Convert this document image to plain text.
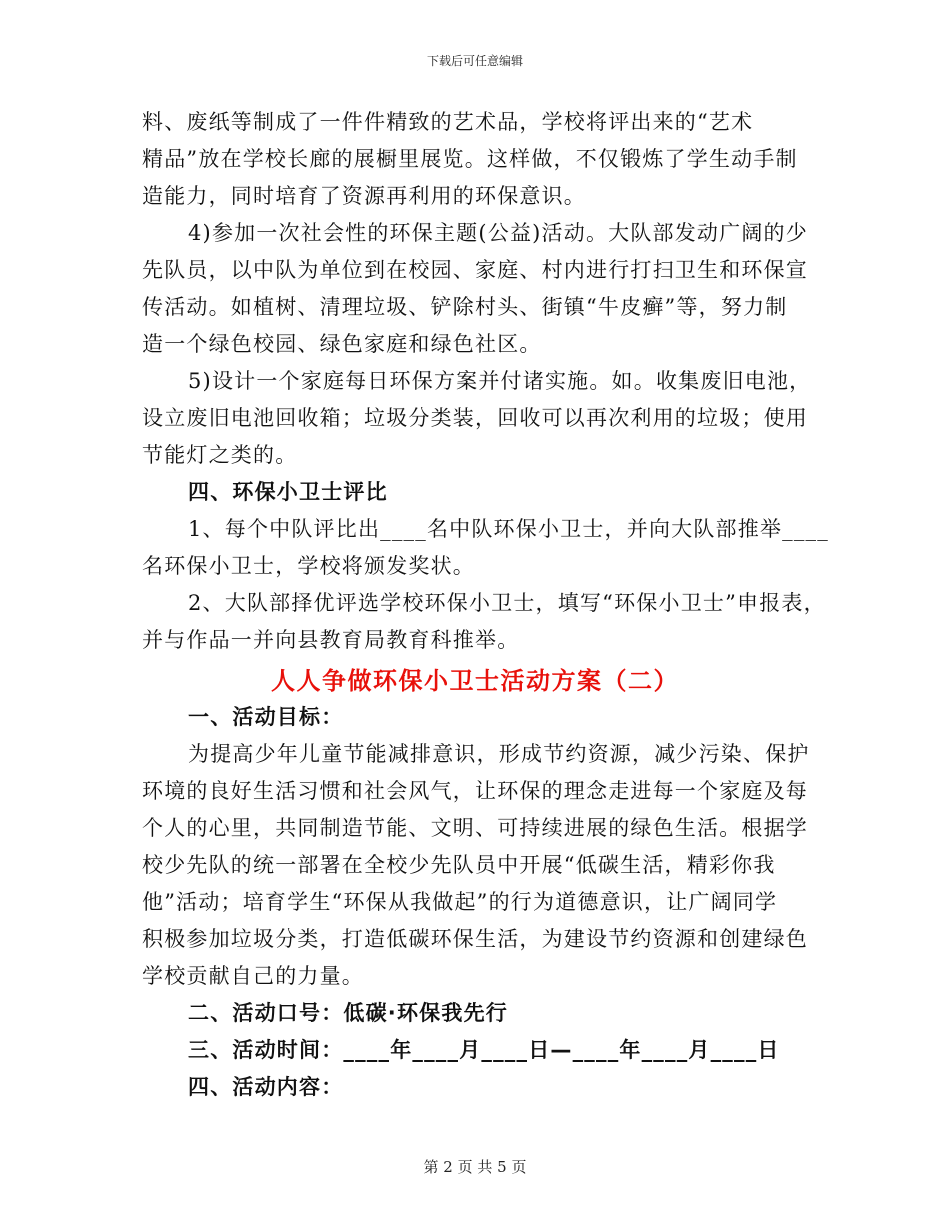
下载后可任意编辑

料、废纸等制成了一件件精致的艺术品，学校将评出来的“艺术

精品”放在学校长廊的展橱里展览。这样做，不仅锻炼了学生动手制

造能力，同时培育了资源再利用的环保意识。

4)参加一次社会性的环保主题(公益)活动。大队部发动广阔的少

先队员，以中队为单位到在校园、家庭、村内进行打扫卫生和环保宣

传活动。如植树、清理垃圾、铲除村头、街镇“牛皮癣”等，努力制

造一个绿色校园、绿色家庭和绿色社区。

5)设计一个家庭每日环保方案并付诸实施。如。收集废旧电池，

设立废旧电池回收箱；垃圾分类装，回收可以再次利用的垃圾；使用

节能灯之类的。

四、环保小卫士评比

1、每个中队评比出____名中队环保小卫士，并向大队部推举____

名环保小卫士，学校将颁发奖状。

2、大队部择优评选学校环保小卫士，填写“环保小卫士”申报表，

并与作品一并向县教育局教育科推举。

人人争做环保小卫士活动方案（二）

一、活动目标：

为提高少年儿童节能减排意识，形成节约资源，减少污染、保护

环境的良好生活习惯和社会风气，让环保的理念走进每一个家庭及每

个人的心里，共同制造节能、文明、可持续进展的绿色生活。根据学

校少先队的统一部署在全校少先队员中开展“低碳生活，精彩你我

他”活动；培育学生“环保从我做起”的行为道德意识，让广阔同学

积极参加垃圾分类，打造低碳环保生活，为建设节约资源和创建绿色

学校贡献自己的力量。

二、活动口号：低碳·环保我先行

三、活动时间：____年____月____日—____年____月____日

四、活动内容：

第 2 页 共 5 页
